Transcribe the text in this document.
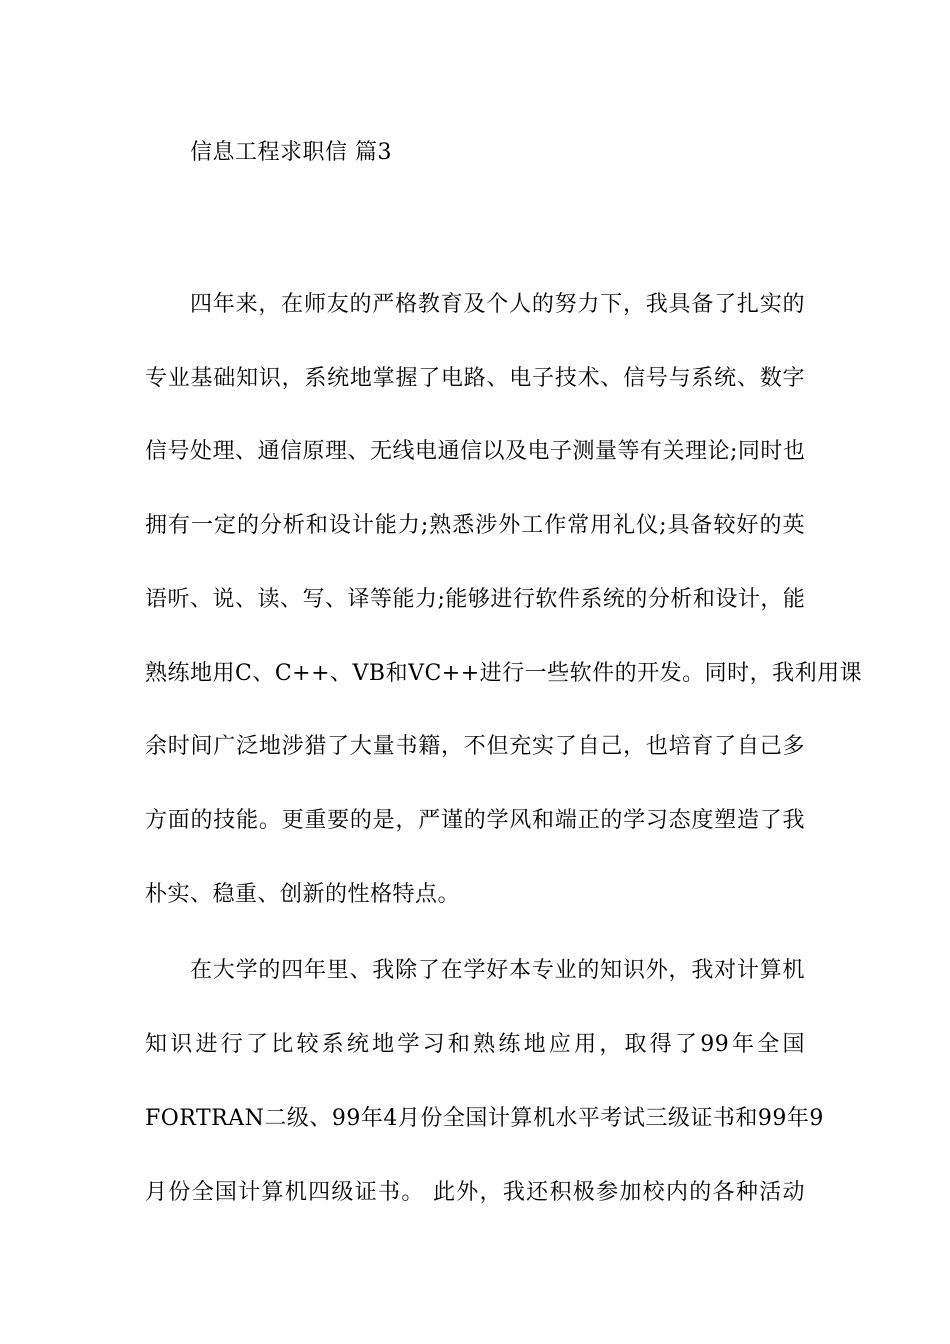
信息工程求职信 篇3
四年来，在师友的严格教育及个人的努力下，我具备了扎实的
专业基础知识，系统地掌握了电路、电子技术、信号与系统、数字
信号处理、通信原理、无线电通信以及电子测量等有关理论;同时也
拥有一定的分析和设计能力;熟悉涉外工作常用礼仪;具备较好的英
语听、说、读、写、译等能力;能够进行软件系统的分析和设计，能
熟练地用C、C++、VB和VC++进行一些软件的开发。同时，我利用课
余时间广泛地涉猎了大量书籍，不但充实了自己，也培育了自己多
方面的技能。更重要的是，严谨的学风和端正的学习态度塑造了我
朴实、稳重、创新的性格特点。
在大学的四年里、我除了在学好本专业的知识外，我对计算机
知识进行了比较系统地学习和熟练地应用，取得了99年全国
FORTRAN二级、99年4月份全国计算机水平考试三级证书和99年9
月份全国计算机四级证书。 此外，我还积极参加校内的各种活动
